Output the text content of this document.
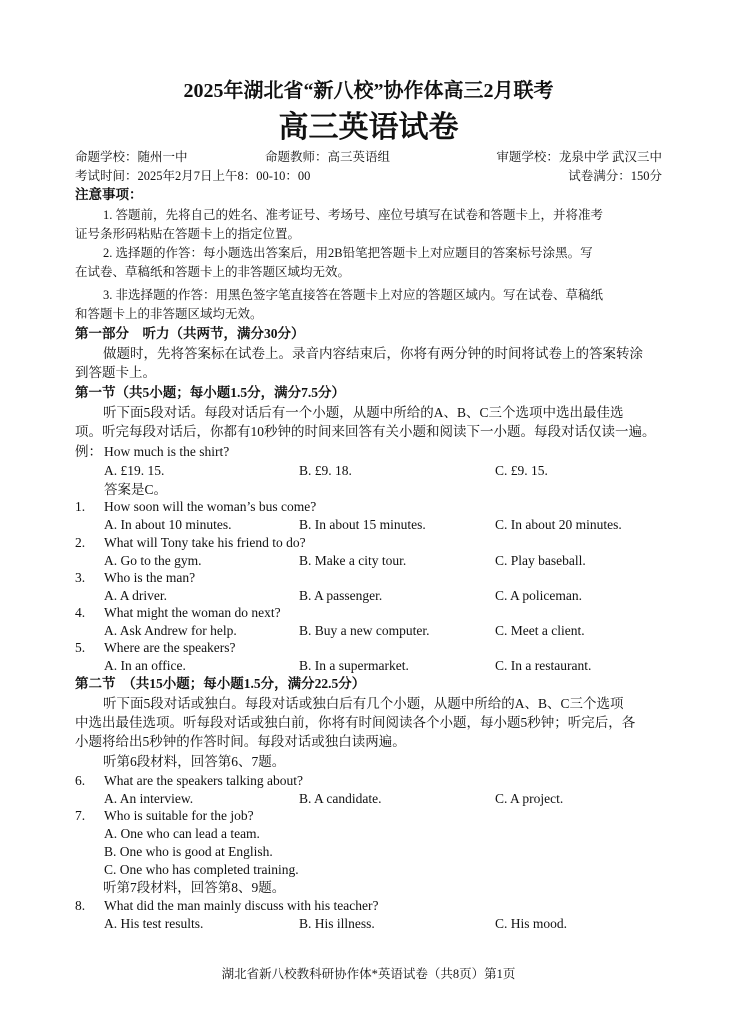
2025年湖北省“新八校”协作体高三2月联考
高三英语试卷
命题学校：随州一中	命题教师：高三英语组	审题学校：龙泉中学 武汉三中
考试时间：2025年2月7日上午8：00-10：00	试卷满分：150分
注意事项：
1. 答题前，先将自己的姓名、准考证号、考场号、座位号填写在试卷和答题卡上，并将准考
证号条形码粘贴在答题卡上的指定位置。
2. 选择题的作答：每小题选出答案后，用2B铅笔把答题卡上对应题目的答案标号涂黑。写
在试卷、草稿纸和答题卡上的非答题区域均无效。
3. 非选择题的作答：用黑色签字笔直接答在答题卡上对应的答题区域内。写在试卷、草稿纸
和答题卡上的非答题区域均无效。
第一部分　听力（共两节，满分30分）
做题时，先将答案标在试卷上。录音内容结束后，你将有两分钟的时间将试卷上的答案转涂
到答题卡上。
第一节（共5小题；每小题1.5分，满分7.5分）
听下面5段对话。每段对话后有一个小题，从题中所给的A、B、C三个选项中选出最佳选
项。听完每段对话后，你都有10秒钟的时间来回答有关小题和阅读下一小题。每段对话仅读一遍。
例： How much is the shirt?
A. £19. 15.	B. £9. 18.	C. £9. 15.
答案是C。
1. How soon will the woman’s bus come?
A. In about 10 minutes.	B. In about 15 minutes.	C. In about 20 minutes.
2. What will Tony take his friend to do?
A. Go to the gym.	B. Make a city tour.	C. Play baseball.
3. Who is the man?
A. A driver.	B. A passenger.	C. A policeman.
4. What might the woman do next?
A. Ask Andrew for help.	B. Buy a new computer.	C. Meet a client.
5. Where are the speakers?
A. In an office.	B. In a supermarket.	C. In a restaurant.
第二节　（共15小题；每小题1.5分，满分22.5分）
听下面5段对话或独白。每段对话或独白后有几个小题，从题中所给的A、B、C三个选项
中选出最佳选项。听每段对话或独白前，你将有时间阅读各个小题，每小题5秒钟；听完后，各
小题将给出5秒钟的作答时间。每段对话或独白读两遍。
听第6段材料，回答第6、7题。
6. What are the speakers talking about?
A. An interview.	B. A candidate.	C. A project.
7. Who is suitable for the job?
A. One who can lead a team.
B. One who is good at English.
C. One who has completed training.
听第7段材料，回答第8、9题。
8. What did the man mainly discuss with his teacher?
A. His test results.	B. His illness.	C. His mood.
湖北省新八校教科研协作体*英语试卷（共8页）第1页
